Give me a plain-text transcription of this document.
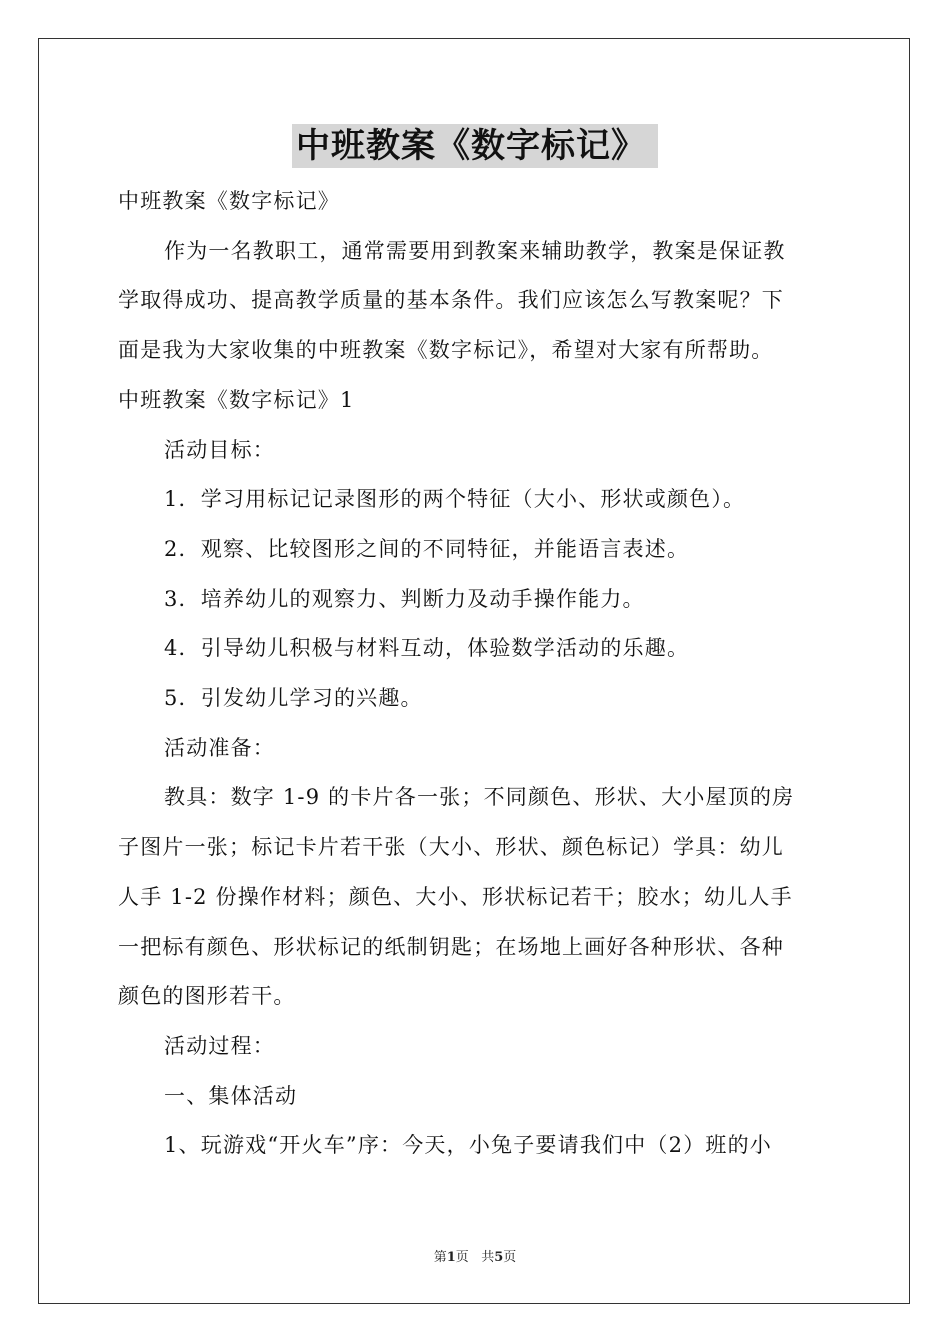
中班教案《数字标记》

中班教案《数字标记》

作为一名教职工，通常需要用到教案来辅助教学，教案是保证教

学取得成功、提高教学质量的基本条件。我们应该怎么写教案呢？下

面是我为大家收集的中班教案《数字标记》，希望对大家有所帮助。

中班教案《数字标记》1

活动目标：

1．学习用标记记录图形的两个特征（大小、形状或颜色）。

2．观察、比较图形之间的不同特征，并能语言表述。

3．培养幼儿的观察力、判断力及动手操作能力。

4．引导幼儿积极与材料互动，体验数学活动的乐趣。

5．引发幼儿学习的兴趣。

活动准备：

教具：数字 1-9 的卡片各一张；不同颜色、形状、大小屋顶的房

子图片一张；标记卡片若干张（大小、形状、颜色标记）学具：幼儿

人手 1-2 份操作材料；颜色、大小、形状标记若干；胶水；幼儿人手

一把标有颜色、形状标记的纸制钥匙；在场地上画好各种形状、各种

颜色的图形若干。

活动过程：

一、集体活动

1、玩游戏“开火车”序：今天，小兔子要请我们中（2）班的小

第1页 共5页
